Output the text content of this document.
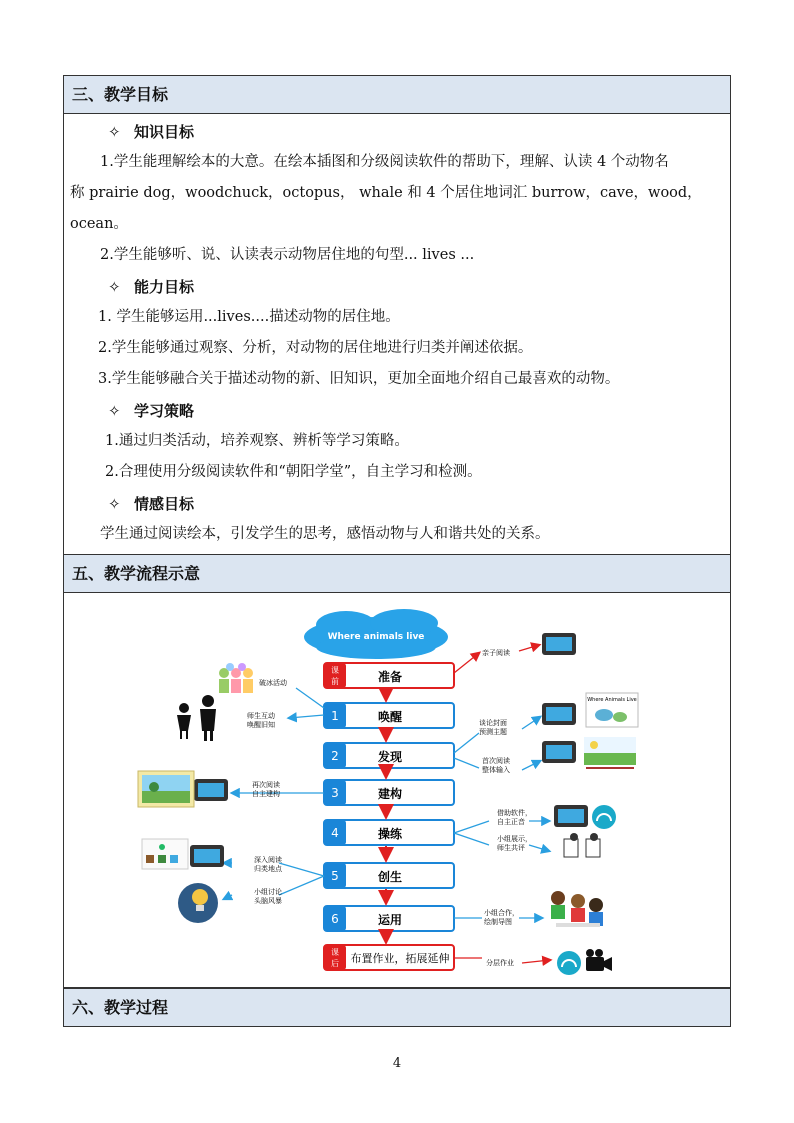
三、教学目标
✧ 知识目标
1.学生能理解绘本的大意。在绘本插图和分级阅读软件的帮助下，理解、认读 4 个动物名
称 prairie dog，woodchuck，octopus， whale 和 4 个居住地词汇 burrow，cave，wood，
ocean。
2.学生能够听、说、认读表示动物居住地的句型... lives ...
✧ 能力目标
1. 学生能够运用...lives....描述动物的居住地。
2.学生能够通过观察、分析，对动物的居住地进行归类并阐述依据。
3.学生能够融合关于描述动物的新、旧知识，更加全面地介绍自己最喜欢的动物。
✧ 学习策略
1.通过归类活动，培养观察、辨析等学习策略。
2.合理使用分级阅读软件和“朝阳学堂”，自主学习和检测。
✧ 情感目标
学生通过阅读绘本，引发学生的思考，感悟动物与人和谐共处的关系。
五、教学流程示意
Where animals live
课
前	准备
1	唤醒
2	发现
3	建构
4	操练
5	创生
6	运用
课
后 布置作业，拓展延伸
亲子阅读
谈论封面
预测主题
首次阅读
整体输入
借助软件，
自主正音
小组展示，
师生共评
小组合作，
绘制导图
分层作业
破冰活动
师生互动
唤醒旧知
再次阅读
自主建构
深入阅读
归类地点
小组讨论
头脑风暴
Where Animals Live
六、教学过程
4
